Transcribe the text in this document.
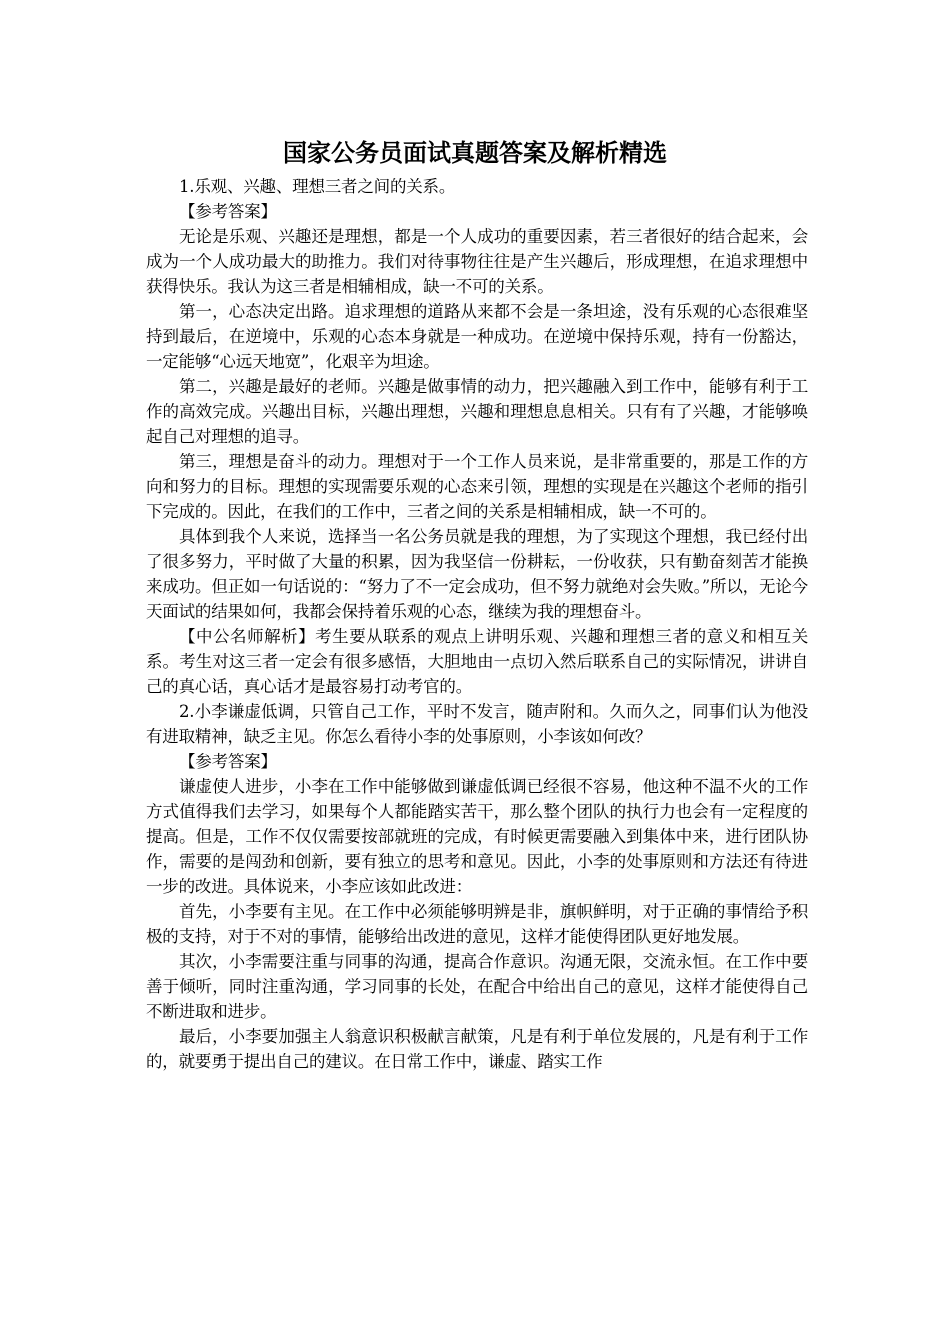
国家公务员面试真题答案及解析精选

1.乐观、兴趣、理想三者之间的关系。

【参考答案】

无论是乐观、兴趣还是理想，都是一个人成功的重要因素，若三者很好的结合起来，会成为一个人成功最大的助推力。我们对待事物往往是产生兴趣后，形成理想，在追求理想中获得快乐。我认为这三者是相辅相成，缺一不可的关系。

第一，心态决定出路。追求理想的道路从来都不会是一条坦途，没有乐观的心态很难坚持到最后，在逆境中，乐观的心态本身就是一种成功。在逆境中保持乐观，持有一份豁达，一定能够“心远天地宽”，化艰辛为坦途。

第二，兴趣是最好的老师。兴趣是做事情的动力，把兴趣融入到工作中，能够有利于工作的高效完成。兴趣出目标，兴趣出理想，兴趣和理想息息相关。只有有了兴趣，才能够唤起自己对理想的追寻。

第三，理想是奋斗的动力。理想对于一个工作人员来说，是非常重要的，那是工作的方向和努力的目标。理想的实现需要乐观的心态来引领，理想的实现是在兴趣这个老师的指引下完成的。因此，在我们的工作中，三者之间的关系是相辅相成，缺一不可的。

具体到我个人来说，选择当一名公务员就是我的理想，为了实现这个理想，我已经付出了很多努力，平时做了大量的积累，因为我坚信一份耕耘，一份收获，只有勤奋刻苦才能换来成功。但正如一句话说的：“努力了不一定会成功，但不努力就绝对会失败。”所以，无论今天面试的结果如何，我都会保持着乐观的心态，继续为我的理想奋斗。

【中公名师解析】考生要从联系的观点上讲明乐观、兴趣和理想三者的意义和相互关系。考生对这三者一定会有很多感悟，大胆地由一点切入然后联系自己的实际情况，讲讲自己的真心话，真心话才是最容易打动考官的。

2.小李谦虚低调，只管自己工作，平时不发言，随声附和。久而久之，同事们认为他没有进取精神，缺乏主见。你怎么看待小李的处事原则，小李该如何改？

【参考答案】

谦虚使人进步，小李在工作中能够做到谦虚低调已经很不容易，他这种不温不火的工作方式值得我们去学习，如果每个人都能踏实苦干，那么整个团队的执行力也会有一定程度的提高。但是，工作不仅仅需要按部就班的完成，有时候更需要融入到集体中来，进行团队协作，需要的是闯劲和创新，要有独立的思考和意见。因此，小李的处事原则和方法还有待进一步的改进。具体说来，小李应该如此改进：

首先，小李要有主见。在工作中必须能够明辨是非，旗帜鲜明，对于正确的事情给予积极的支持，对于不对的事情，能够给出改进的意见，这样才能使得团队更好地发展。

其次，小李需要注重与同事的沟通，提高合作意识。沟通无限，交流永恒。在工作中要善于倾听，同时注重沟通，学习同事的长处，在配合中给出自己的意见，这样才能使得自己不断进取和进步。

最后，小李要加强主人翁意识积极献言献策，凡是有利于单位发展的，凡是有利于工作的，就要勇于提出自己的建议。在日常工作中，谦虚、踏实工作
